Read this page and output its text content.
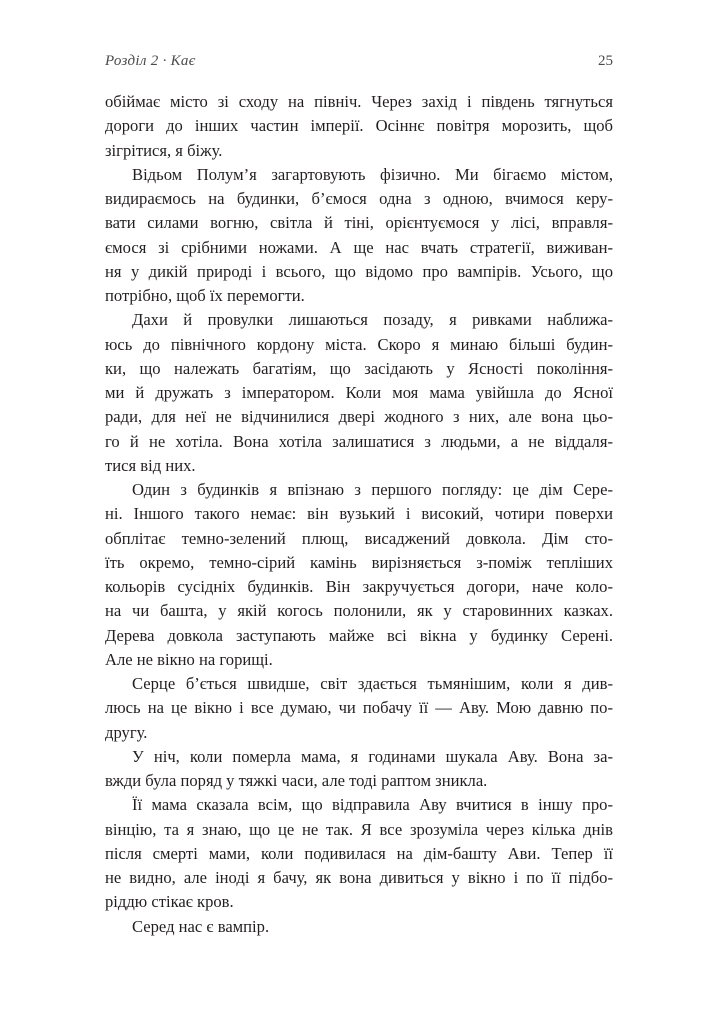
Розділ 2 · Кає	25
обіймає місто зі сходу на північ. Через захід і південь тягнуться
дороги до інших частин імперії. Осіннє повітря морозить, щоб
зігрітися, я біжу.
Відьом Полум’я загартовують фізично. Ми бігаємо містом,
видираємось на будинки, б’ємося одна з одною, вчимося керу-
вати силами вогню, світла й тіні, орієнтуємося у лісі, вправля-
ємося зі срібними ножами. А ще нас вчать стратегії, виживан-
ня у дикій природі і всього, що відомо про вампірів. Усього, що
потрібно, щоб їх перемогти.
Дахи й провулки лишаються позаду, я ривками наближа-
юсь до північного кордону міста. Скоро я минаю більші будин-
ки, що належать багатіям, що засідають у Ясності покоління-
ми й дружать з імператором. Коли моя мама увійшла до Ясної
ради, для неї не відчинилися двері жодного з них, але вона цьо-
го й не хотіла. Вона хотіла залишатися з людьми, а не віддаля-
тися від них.
Один з будинків я впізнаю з першого погляду: це дім Сере-
ні. Іншого такого немає: він вузький і високий, чотири поверхи
обплітає темно-зелений плющ, висаджений довкола. Дім сто-
їть окремо, темно-сірий камінь вирізняється з-поміж тепліших
кольорів сусідніх будинків. Він закручується догори, наче коло-
на чи башта, у якій когось полонили, як у старовинних казках.
Дерева довкола заступають майже всі вікна у будинку Серені.
Але не вікно на горищі.
Серце б’ється швидше, світ здається тьмянішим, коли я див-
люсь на це вікно і все думаю, чи побачу її — Аву. Мою давню по-
другу.
У ніч, коли померла мама, я годинами шукала Аву. Вона за-
вжди була поряд у тяжкі часи, але тоді раптом зникла.
Її мама сказала всім, що відправила Аву вчитися в іншу про-
вінцію, та я знаю, що це не так. Я все зрозуміла через кілька днів
після смерті мами, коли подивилася на дім-башту Ави. Тепер її
не видно, але іноді я бачу, як вона дивиться у вікно і по її підбо-
ріддю стікає кров.
Серед нас є вампір.
